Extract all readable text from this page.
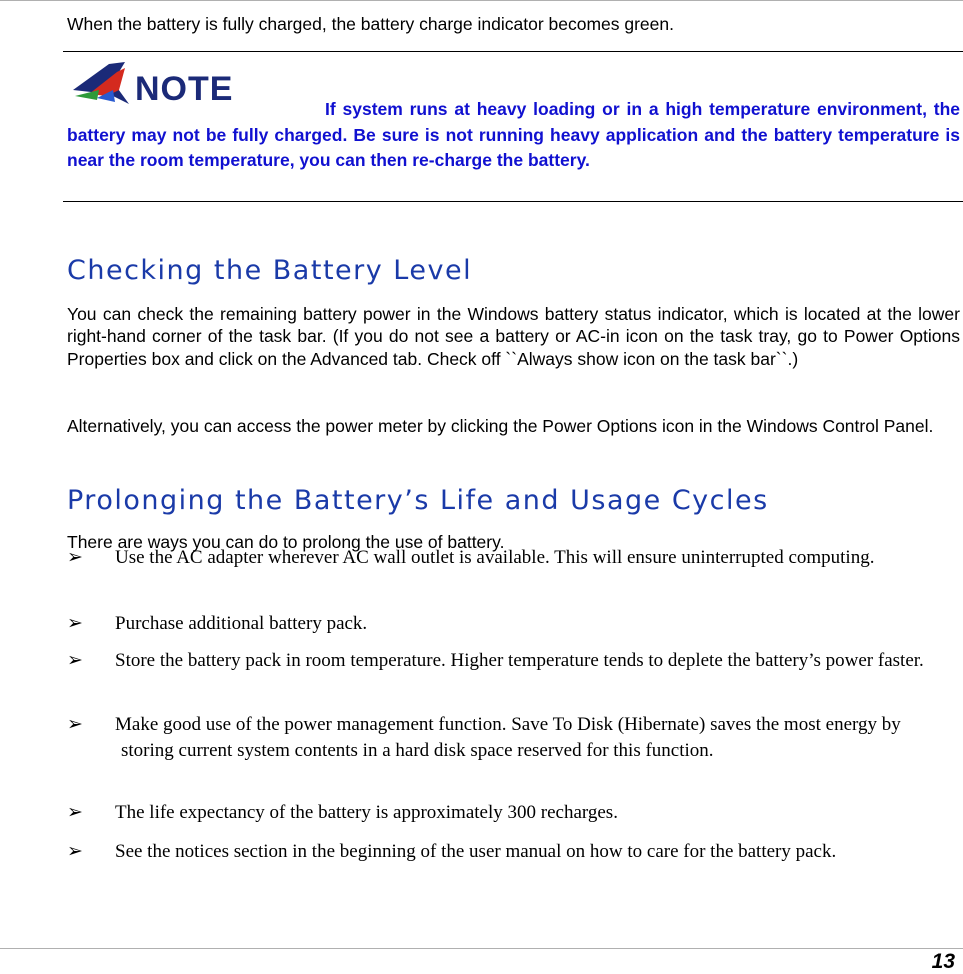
When the battery is fully charged, the battery charge indicator becomes green.
NOTE
If system runs at heavy loading or in a high temperature environment, the battery may not be fully charged. Be sure is not running heavy application and the battery temperature is near the room temperature, you can then re-charge the battery.
Checking the Battery Level

You can check the remaining battery power in the Windows battery status indicator, which is located at the lower right-hand corner of the task bar. (If you do not see a battery or AC-in icon on the task tray, go to Power Options Properties box and click on the Advanced tab. Check off ``Always show icon on the task bar``.)

Alternatively, you can access the power meter by clicking the Power Options icon in the Windows Control Panel.

Prolonging the Battery’s Life and Usage Cycles

There are ways you can do to prolong the use of battery.

➢	Use the AC adapter wherever AC wall outlet is available. This will ensure uninterrupted computing.
➢	Purchase additional battery pack.
➢	Store the battery pack in room temperature. Higher temperature tends to deplete the battery’s power faster.
➢	Make good use of the power management function. Save To Disk (Hibernate) saves the most energy by storing current system contents in a hard disk space reserved for this function.
➢	The life expectancy of the battery is approximately 300 recharges.
➢	See the notices section in the beginning of the user manual on how to care for the battery pack.
13
